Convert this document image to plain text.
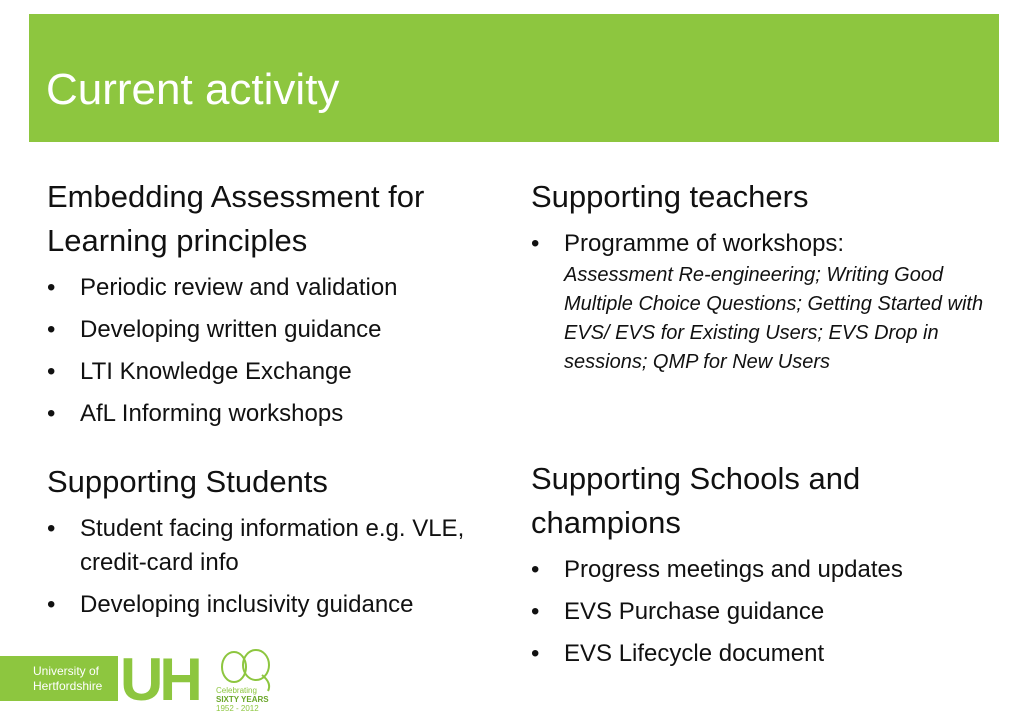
Current activity
Embedding Assessment for Learning principles
•	Periodic review and validation
•	Developing written guidance
•	LTI Knowledge Exchange
•	AfL Informing workshops
Supporting teachers
•	Programme of workshops:
Assessment Re-engineering; Writing Good Multiple Choice Questions; Getting Started with EVS/ EVS for Existing Users; EVS Drop in sessions; QMP for New Users
Supporting Students
•	Student facing information e.g. VLE, credit-card info
•	Developing inclusivity guidance
Supporting Schools and champions
•	Progress meetings and updates
•	EVS Purchase guidance
•	EVS Lifecycle document
University of
Hertfordshire UH Celebrating
SIXTY YEARS
1952 - 2012
